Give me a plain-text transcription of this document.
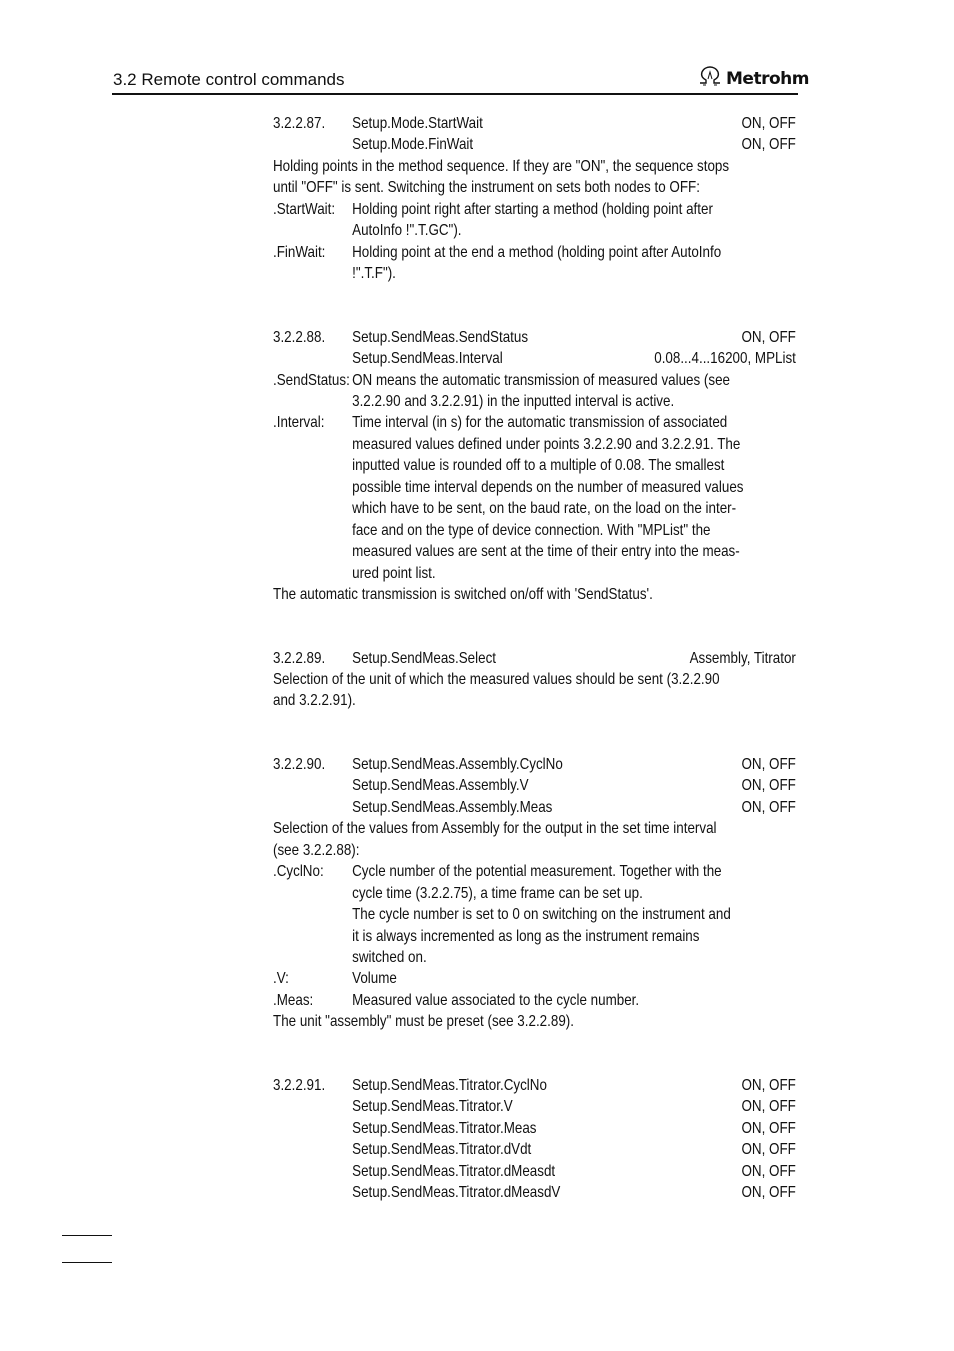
3.2 Remote control commands	Metrohm
3.2.2.87.	Setup.Mode.StartWait	ON, OFF
Setup.Mode.FinWait	ON, OFF
Holding points in the method sequence. If they are "ON", the sequence stops
until "OFF" is sent. Switching the instrument on sets both nodes to OFF:
.StartWait:	Holding point right after starting a method (holding point after
AutoInfo !".T.GC").
.FinWait:	Holding point at the end a method (holding point after AutoInfo
!".T.F").
3.2.2.88.	Setup.SendMeas.SendStatus	ON, OFF
Setup.SendMeas.Interval	0.08...4...16200, MPList
.SendStatus: ON means the automatic transmission of measured values (see
3.2.2.90 and 3.2.2.91) in the inputted interval is active.
.Interval:	Time interval (in s) for the automatic transmission of associated
measured values defined under points 3.2.2.90 and 3.2.2.91. The
inputted value is rounded off to a multiple of 0.08. The smallest
possible time interval depends on the number of measured values
which have to be sent, on the baud rate, on the load on the inter-
face and on the type of device connection. With "MPList" the
measured values are sent at the time of their entry into the meas-
ured point list.
The automatic transmission is switched on/off with 'SendStatus'.
3.2.2.89.	Setup.SendMeas.Select	Assembly, Titrator
Selection of the unit of which the measured values should be sent (3.2.2.90
and 3.2.2.91).
3.2.2.90.	Setup.SendMeas.Assembly.CyclNo	ON, OFF
Setup.SendMeas.Assembly.V	ON, OFF
Setup.SendMeas.Assembly.Meas	ON, OFF
Selection of the values from Assembly for the output in the set time interval
(see 3.2.2.88):
.CyclNo:	Cycle number of the potential measurement. Together with the
cycle time (3.2.2.75), a time frame can be set up.
The cycle number is set to 0 on switching on the instrument and
it is always incremented as long as the instrument remains
switched on.
.V:	Volume
.Meas:	Measured value associated to the cycle number.
The unit "assembly" must be preset (see 3.2.2.89).
3.2.2.91.	Setup.SendMeas.Titrator.CyclNo	ON, OFF
Setup.SendMeas.Titrator.V	ON, OFF
Setup.SendMeas.Titrator.Meas	ON, OFF
Setup.SendMeas.Titrator.dVdt	ON, OFF
Setup.SendMeas.Titrator.dMeasdt	ON, OFF
Setup.SendMeas.Titrator.dMeasdV	ON, OFF
